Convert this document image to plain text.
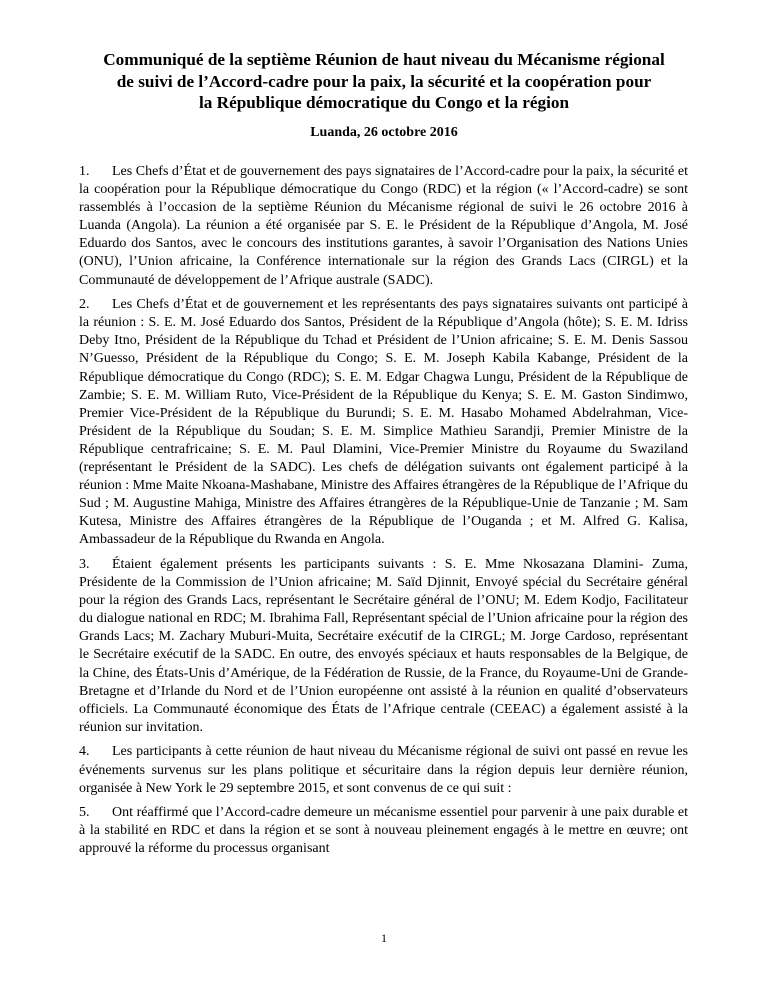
Communiqué de la septième Réunion de haut niveau du Mécanisme régional
de suivi de l’Accord-cadre pour la paix, la sécurité et la coopération pour
la République démocratique du Congo et la région
Luanda, 26 octobre 2016

1. Les Chefs d’État et de gouvernement des pays signataires de l’Accord-cadre pour la paix, la sécurité et la coopération pour la République démocratique du Congo (RDC) et la région (« l’Accord-cadre) se sont rassemblés à l’occasion de la septième Réunion du Mécanisme régional de suivi le 26 octobre 2016 à Luanda (Angola). La réunion a été organisée par S. E. le Président de la République d’Angola, M. José Eduardo dos Santos, avec le concours des institutions garantes, à savoir l’Organisation des Nations Unies (ONU), l’Union africaine, la Conférence internationale sur la région des Grands Lacs (CIRGL) et la Communauté de développement de l’Afrique australe (SADC).

2. Les Chefs d’État et de gouvernement et les représentants des pays signataires suivants ont participé à la réunion : S. E. M. José Eduardo dos Santos, Président de la République d’Angola (hôte); S. E. M. Idriss Deby Itno, Président de la République du Tchad et Président de l’Union africaine; S. E. M. Denis Sassou N’Guesso, Président de la République du Congo; S. E. M. Joseph Kabila Kabange, Président de la République démocratique du Congo (RDC); S. E. M. Edgar Chagwa Lungu, Président de la République de Zambie; S. E. M. William Ruto, Vice-Président de la République du Kenya; S. E. M. Gaston Sindimwo, Premier Vice-Président de la République du Burundi; S. E. M. Hasabo Mohamed Abdelrahman, Vice-Président de la République du Soudan; S. E. M. Simplice Mathieu Sarandji, Premier Ministre de la République centrafricaine; S. E. M. Paul Dlamini, Vice-Premier Ministre du Royaume du Swaziland (représentant le Président de la SADC). Les chefs de délégation suivants ont également participé à la réunion : Mme Maite Nkoana-Mashabane, Ministre des Affaires étrangères de la République de l’Afrique du Sud ; M. Augustine Mahiga, Ministre des Affaires étrangères de la République-Unie de Tanzanie ; M. Sam Kutesa, Ministre des Affaires étrangères de la République de l’Ouganda ; et M. Alfred G. Kalisa, Ambassadeur de la République du Rwanda en Angola.

3. Étaient également présents les participants suivants : S. E. Mme Nkosazana Dlamini- Zuma, Présidente de la Commission de l’Union africaine; M. Saïd Djinnit, Envoyé spécial du Secrétaire général pour la région des Grands Lacs, représentant le Secrétaire général de l’ONU; M. Edem Kodjo, Facilitateur du dialogue national en RDC; M. Ibrahima Fall, Représentant spécial de l’Union africaine pour la région des Grands Lacs; M. Zachary Muburi-Muita, Secrétaire exécutif de la CIRGL; M. Jorge Cardoso, représentant le Secrétaire exécutif de la SADC. En outre, des envoyés spéciaux et hauts responsables de la Belgique, de la Chine, des États-Unis d’Amérique, de la Fédération de Russie, de la France, du Royaume-Uni de Grande-Bretagne et d’Irlande du Nord et de l’Union européenne ont assisté à la réunion en qualité d’observateurs officiels. La Communauté économique des États de l’Afrique centrale (CEEAC) a également assisté à la réunion sur invitation.

4. Les participants à cette réunion de haut niveau du Mécanisme régional de suivi ont passé en revue les événements survenus sur les plans politique et sécuritaire dans la région depuis leur dernière réunion, organisée à New York le 29 septembre 2015, et sont convenus de ce qui suit :

5. Ont réaffirmé que l’Accord-cadre demeure un mécanisme essentiel pour parvenir à une paix durable et à la stabilité en RDC et dans la région et se sont à nouveau pleinement engagés à le mettre en œuvre; ont approuvé la réforme du processus organisant

1
